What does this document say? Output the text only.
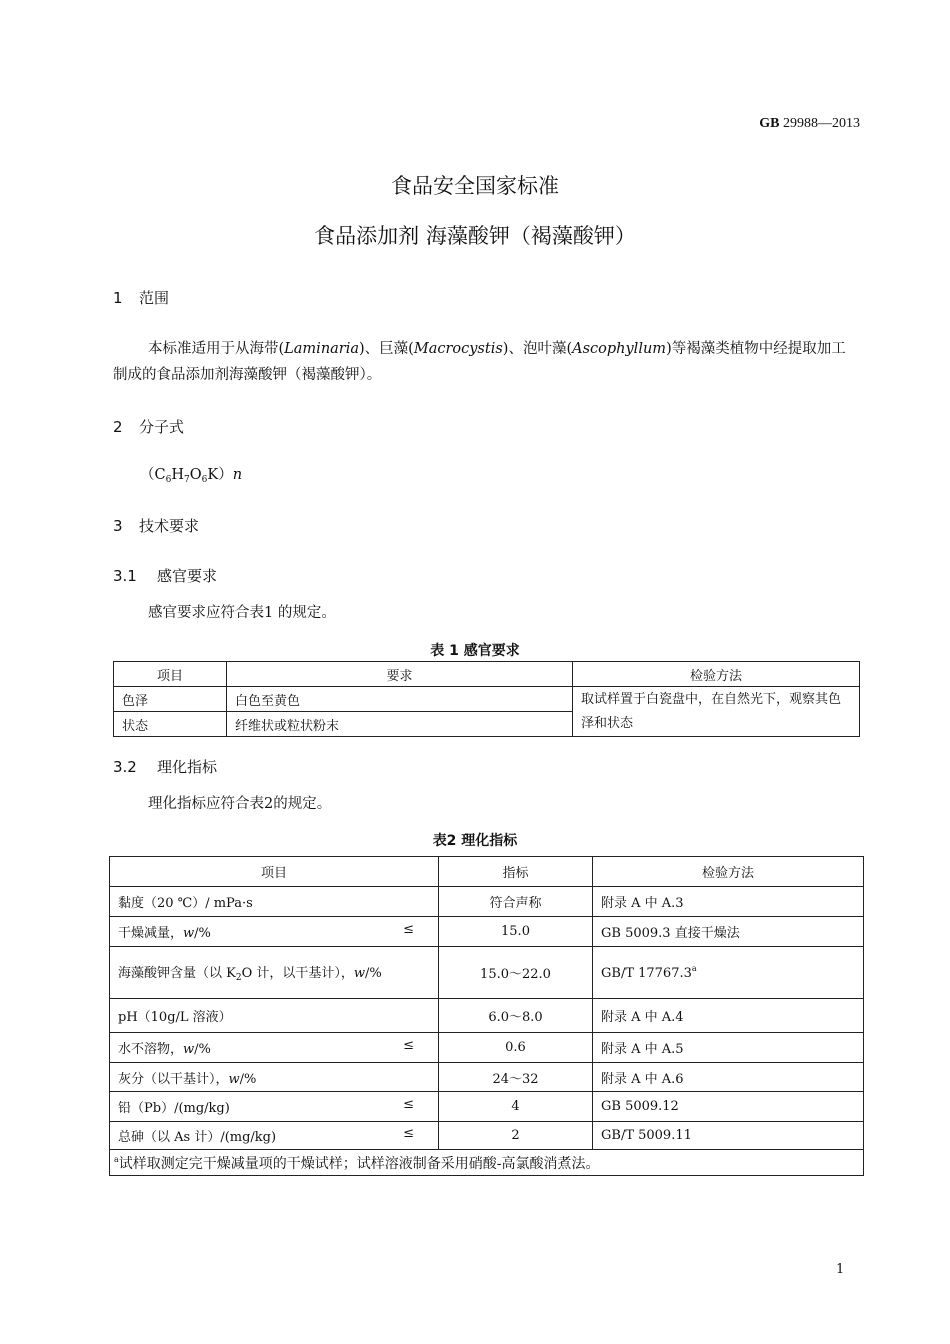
GB 29988—2013
食品安全国家标准
食品添加剂 海藻酸钾（褐藻酸钾）
1 范围
本标准适用于从海带(Laminaria)、巨藻(Macrocystis)、泡叶藻(Ascophyllum)等褐藻类植物中经提取加工制成的食品添加剂海藻酸钾（褐藻酸钾）。
2 分子式
$(C_6H_7O_6K)n$
3 技术要求
3.1 感官要求
感官要求应符合表1 的规定。
表 1 感官要求
项目	要求	检验方法
色泽	白色至黄色	取试样置于白瓷盘中，在自然光下，观察其色泽和状态
状态	纤维状或粒状粉末	
3.2 理化指标
理化指标应符合表2的规定。
表2 理化指标
项目	指标	检验方法
黏度（20 ℃）/ mPa·s	符合声称	附录 A 中 A.3
干燥减量，w/% ≤	15.0	GB 5009.3 直接干燥法
海藻酸钾含量（以 $K_2O$ 计，以干基计），w/%	15.0～22.0	GB/T 17767.3$^a$
pH（10g/L 溶液）	6.0～8.0	附录 A 中 A.4
水不溶物，w/% ≤	0.6	附录 A 中 A.5
灰分（以干基计），w/%	24～32	附录 A 中 A.6
铅（Pb）/(mg/kg) ≤	4	GB 5009.12
总砷（以 As 计）/(mg/kg) ≤	2	GB/T 5009.11
$^a$试样取测定完干燥减量项的干燥试样；试样溶液制备采用硝酸-高氯酸消煮法。		
1
